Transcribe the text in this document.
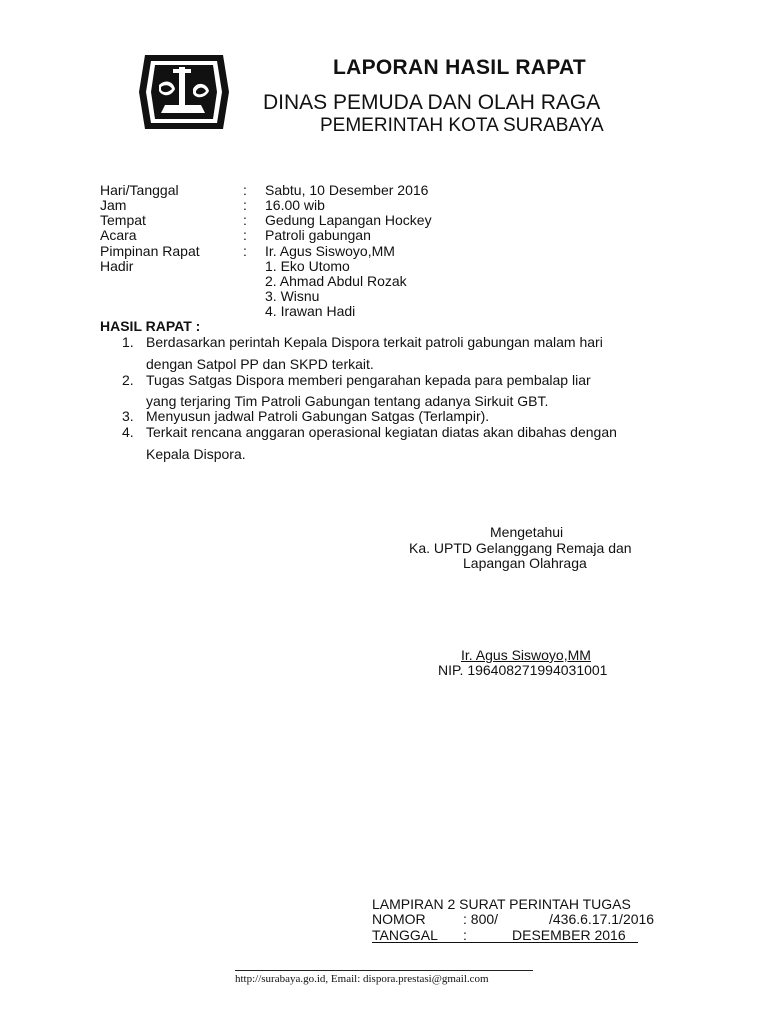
LAPORAN HASIL RAPAT
DINAS PEMUDA DAN OLAH RAGA
PEMERINTAH KOTA SURABAYA
Hari/Tanggal	: Sabtu, 10 Desember 2016
Jam	: 16.00 wib
Tempat	: Gedung Lapangan Hockey
Acara	: Patroli gabungan
Pimpinan Rapat	: Ir. Agus Siswoyo,MM
Hadir	1. Eko Utomo
2. Ahmad Abdul Rozak
3. Wisnu
4. Irawan Hadi
HASIL RAPAT :
1. Berdasarkan perintah Kepala Dispora terkait patroli gabungan malam hari
dengan Satpol PP dan SKPD terkait.
2. Tugas Satgas Dispora memberi pengarahan kepada para pembalap liar
yang terjaring Tim Patroli Gabungan tentang adanya Sirkuit GBT.
3. Menyusun jadwal Patroli Gabungan Satgas (Terlampir).
4. Terkait rencana anggaran operasional kegiatan diatas akan dibahas dengan
Kepala Dispora.
Mengetahui
Ka. UPTD Gelanggang Remaja dan
Lapangan Olahraga
Ir. Agus Siswoyo,MM
NIP. 196408271994031001
LAMPIRAN 2 SURAT PERINTAH TUGAS
NOMOR	: 800/	/436.6.17.1/2016
TANGGAL :	DESEMBER 2016
http://surabaya.go.id, Email: dispora.prestasi@gmail.com
